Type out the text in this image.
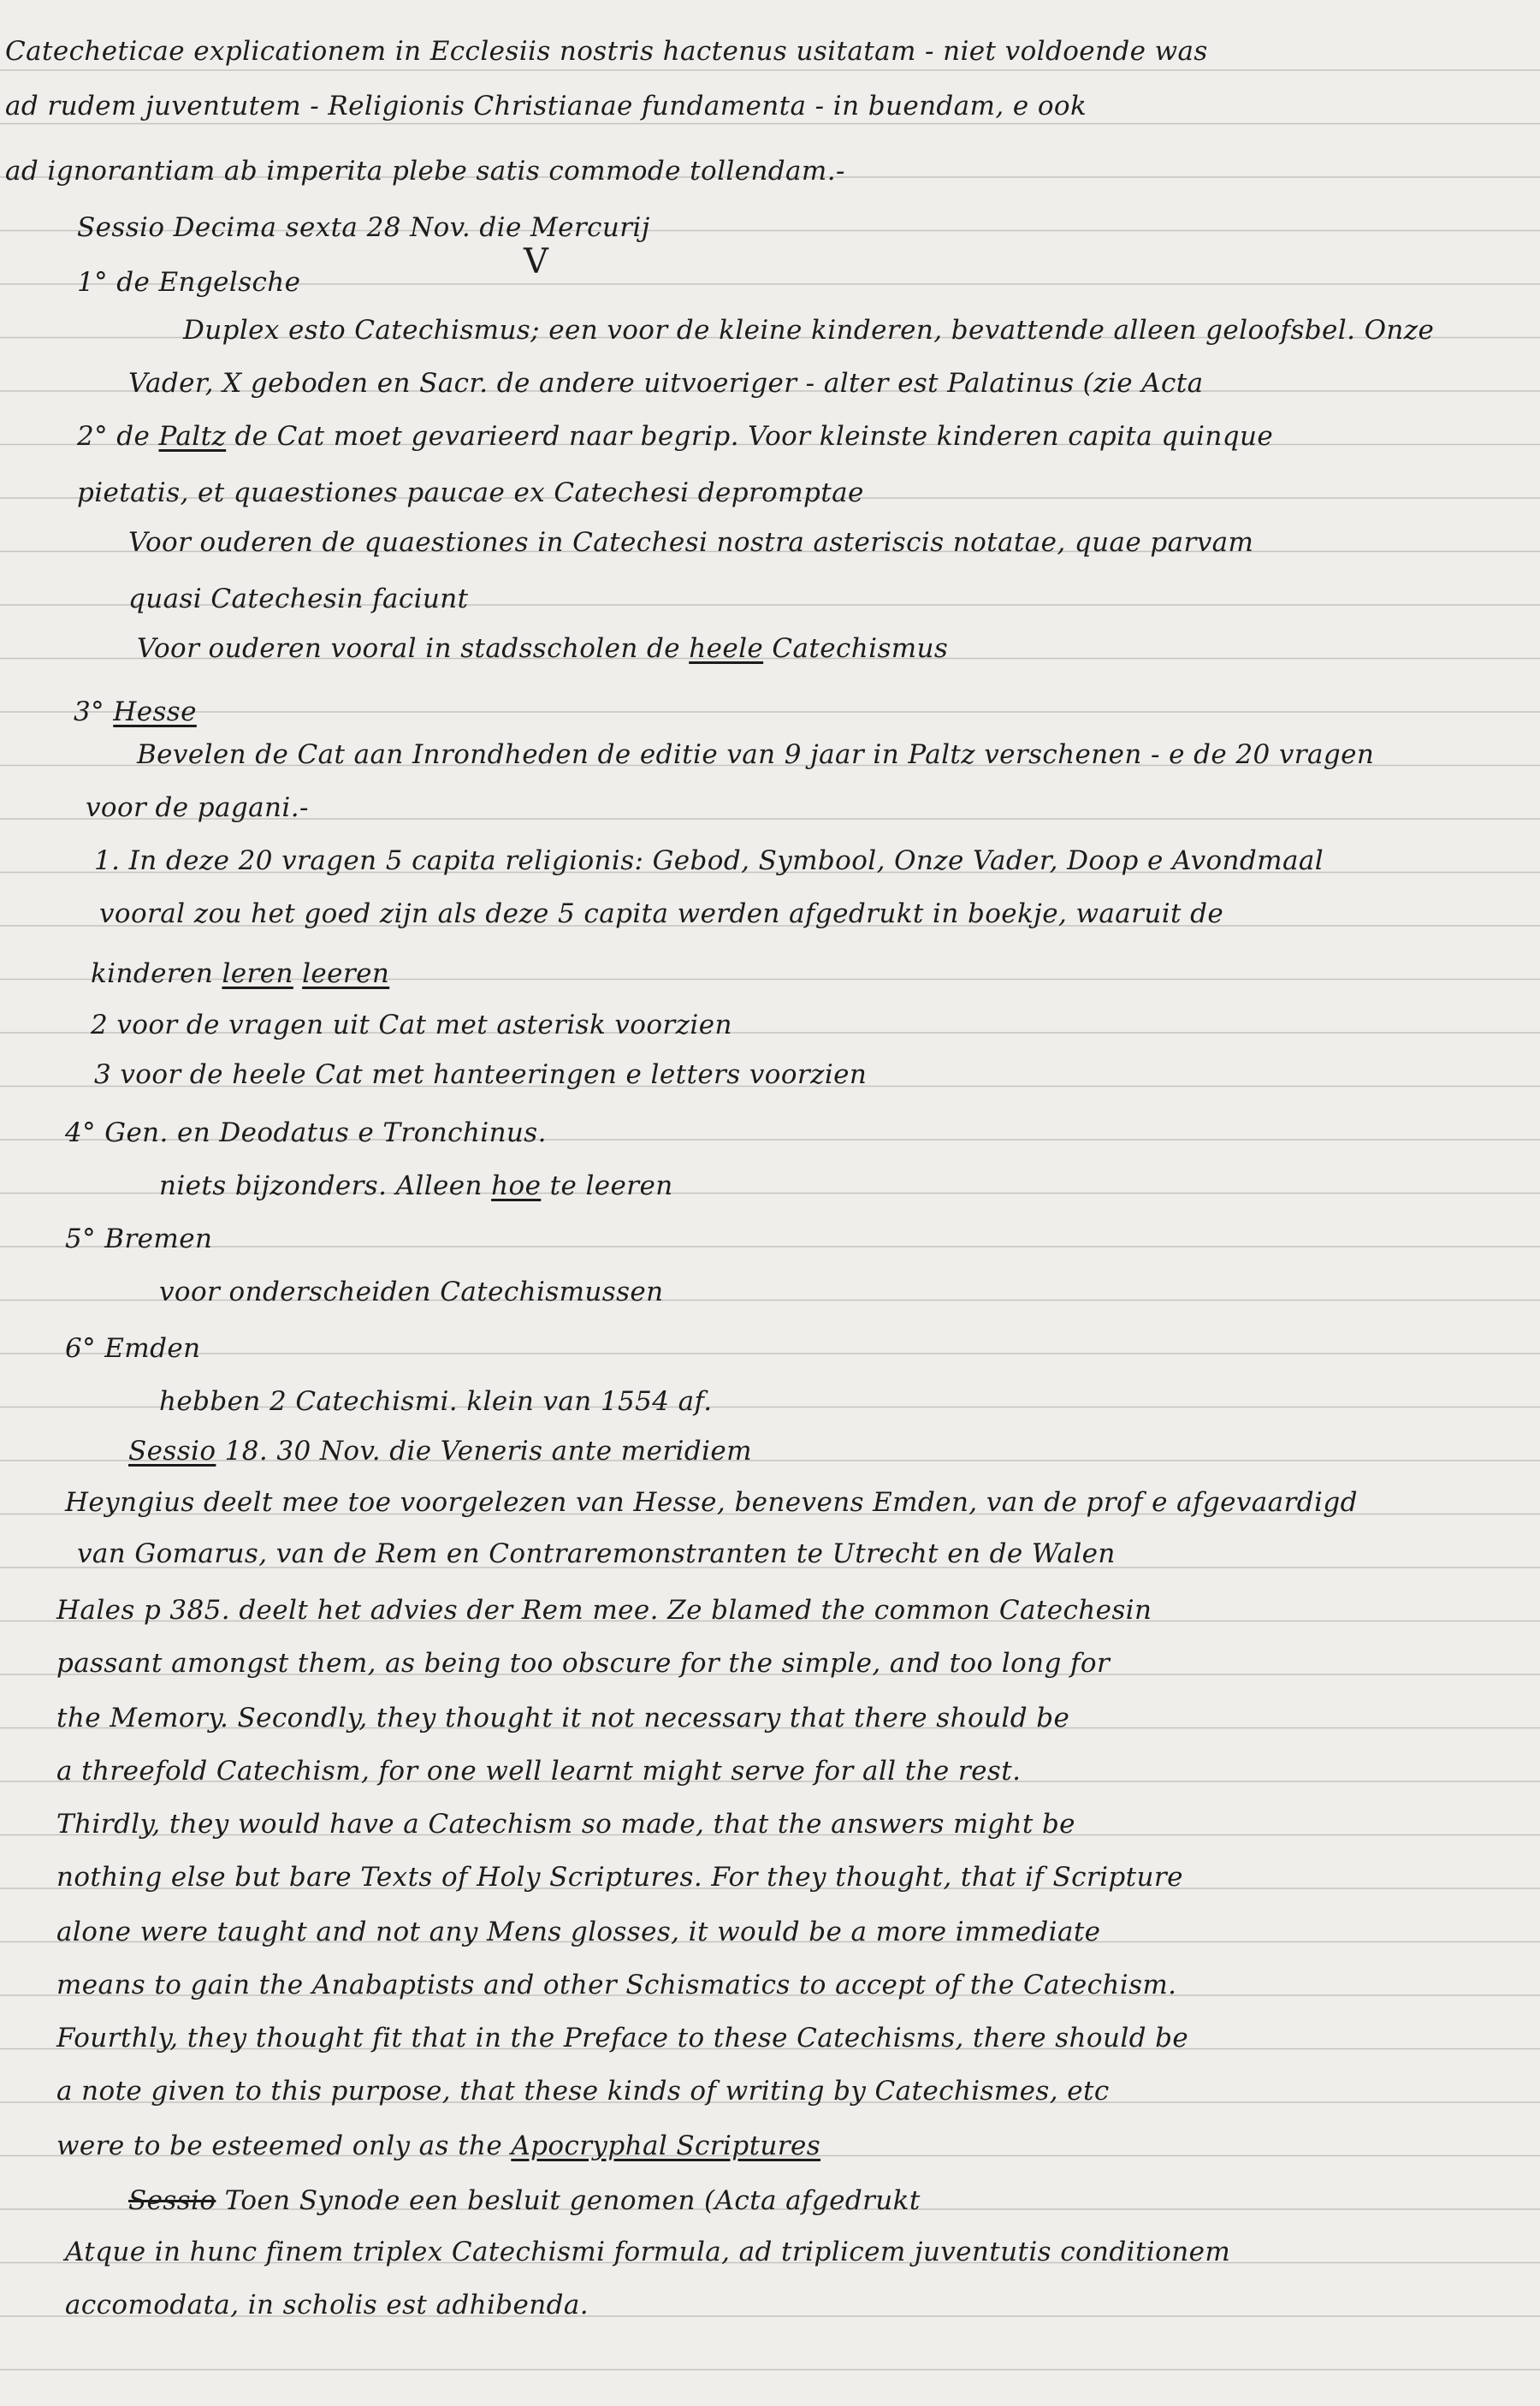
Catecheticae explicationem in Ecclesiis nostris hactenus usitatam - niet voldoende was
ad rudem juventutem - Religionis Christianae fundamenta - in buendam, e ook
ad ignorantiam ab imperita plebe satis commode tollendam.-
Sessio Decima sexta 28 Nov. die Mercurij
V
1° de Engelsche
Duplex esto Catechismus; een voor de kleine kinderen, bevattende alleen geloofsbel. Onze
Vader, X geboden en Sacr. de andere uitvoeriger - alter est Palatinus (zie Acta
2° de Paltz de Cat moet gevarieerd naar begrip. Voor kleinste kinderen capita quinque
pietatis, et quaestiones paucae ex Catechesi depromptae
Voor ouderen de quaestiones in Catechesi nostra asteriscis notatae, quae parvam
quasi Catechesin faciunt
Voor ouderen vooral in stadsscholen de heele Catechismus
3° Hesse
Bevelen de Cat aan Inrondheden de editie van 9 jaar in Paltz verschenen - e de 20 vragen
voor de pagani.-
1. In deze 20 vragen 5 capita religionis: Gebod, Symbool, Onze Vader, Doop e Avondmaal
vooral zou het goed zijn als deze 5 capita werden afgedrukt in boekje, waaruit de
kinderen leren leeren
2 voor de vragen uit Cat met asterisk voorzien
3 voor de heele Cat met hanteeringen e letters voorzien
4° Gen. en Deodatus e Tronchinus.
niets bijzonders. Alleen hoe te leeren
5° Bremen
voor onderscheiden Catechismussen
6° Emden
hebben 2 Catechismi. klein van 1554 af.
Sessio 18. 30 Nov. die Veneris ante meridiem
Heyngius deelt mee toe voorgelezen van Hesse, benevens Emden, van de prof e afgevaardigd
van Gomarus, van de Rem en Contraremonstranten te Utrecht en de Walen
Hales p 385. deelt het advies der Rem mee. Ze blamed the common Catechesin
passant amongst them, as being too obscure for the simple, and too long for
the Memory. Secondly, they thought it not necessary that there should be
a threefold Catechism, for one well learnt might serve for all the rest.
Thirdly, they would have a Catechism so made, that the answers might be
nothing else but bare Texts of Holy Scriptures. For they thought, that if Scripture
alone were taught and not any Mens glosses, it would be a more immediate
means to gain the Anabaptists and other Schismatics to accept of the Catechism.
Fourthly, they thought fit that in the Preface to these Catechisms, there should be
a note given to this purpose, that these kinds of writing by Catechismes, etc
were to be esteemed only as the Apocryphal Scriptures
Sessio Toen Synode een besluit genomen (Acta afgedrukt
Atque in hunc finem triplex Catechismi formula, ad triplicem juventutis conditionem
accomodata, in scholis est adhibenda.
